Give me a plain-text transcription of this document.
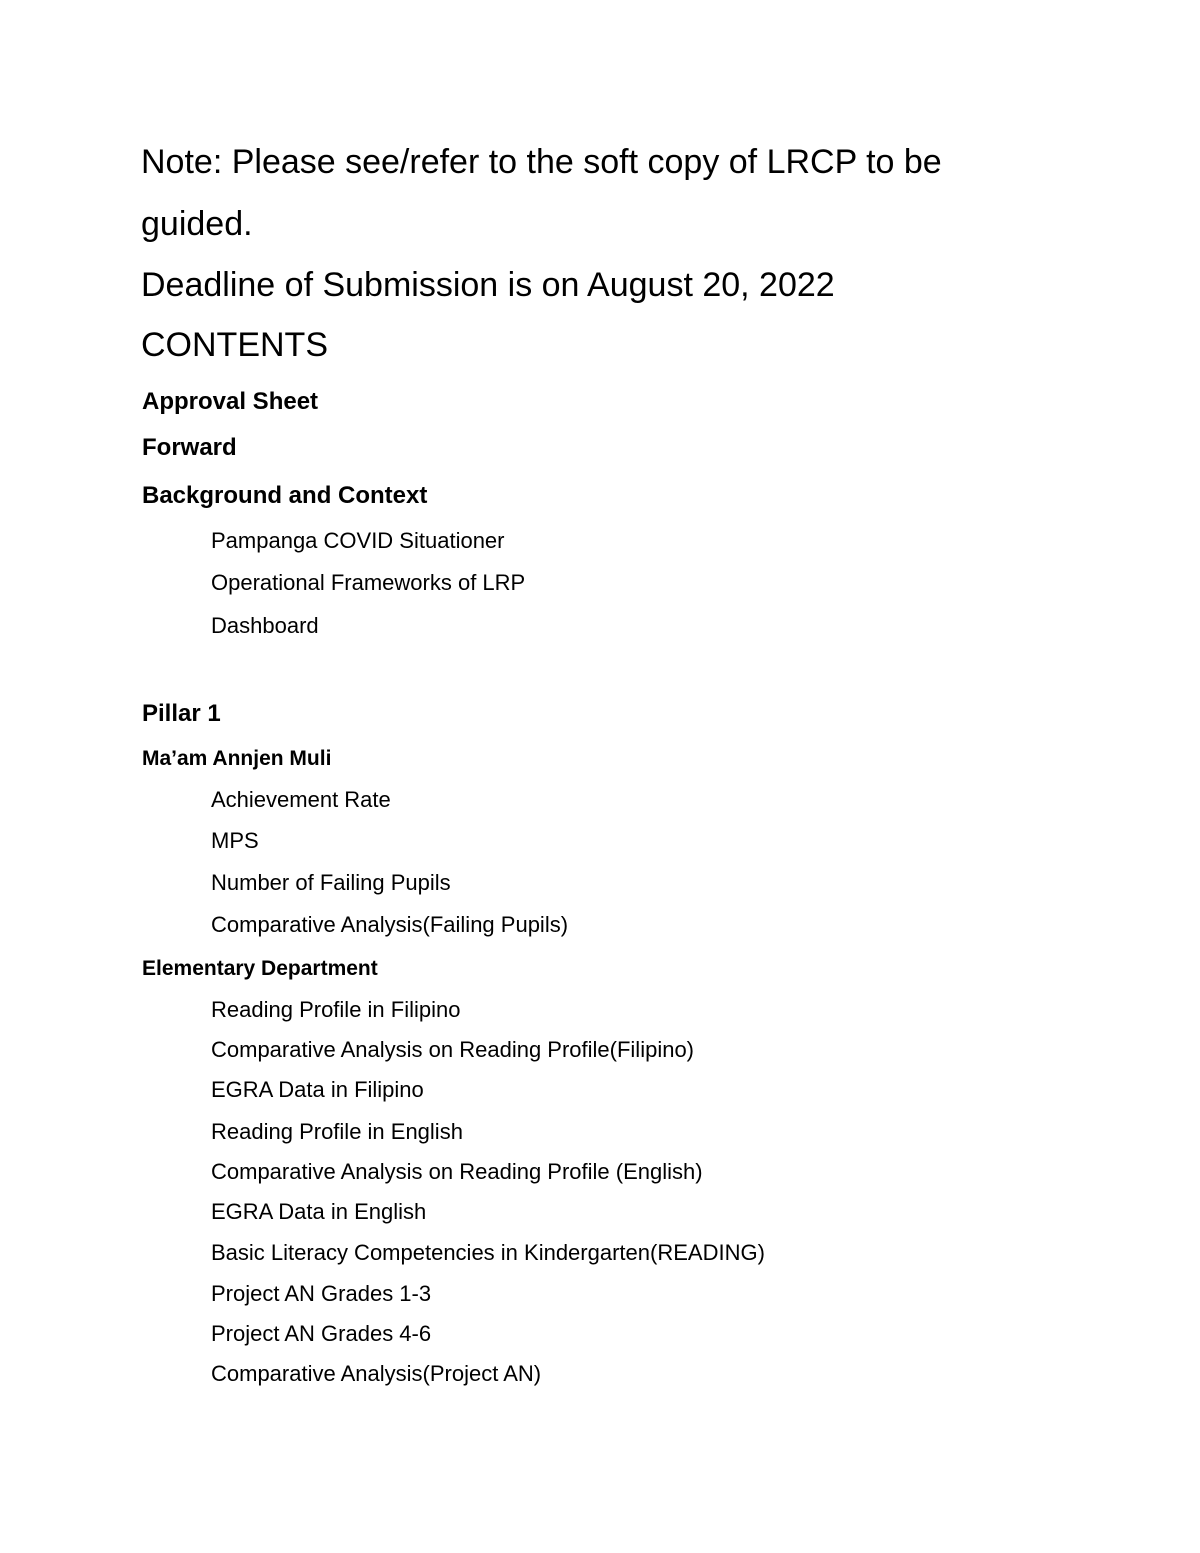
Note: Please see/refer to the soft copy of LRCP to be
guided.
Deadline of Submission is on August 20, 2022
CONTENTS
Approval Sheet
Forward
Background and Context
Pampanga COVID Situationer
Operational Frameworks of LRP
Dashboard
Pillar 1
Ma’am Annjen Muli
Achievement Rate
MPS
Number of Failing Pupils
Comparative Analysis(Failing Pupils)
Elementary Department
Reading Profile in Filipino
Comparative Analysis on Reading Profile(Filipino)
EGRA Data in Filipino
Reading Profile in English
Comparative Analysis on Reading Profile (English)
EGRA Data in English
Basic Literacy Competencies in Kindergarten(READING)
Project AN Grades 1-3
Project AN Grades 4-6
Comparative Analysis(Project AN)
